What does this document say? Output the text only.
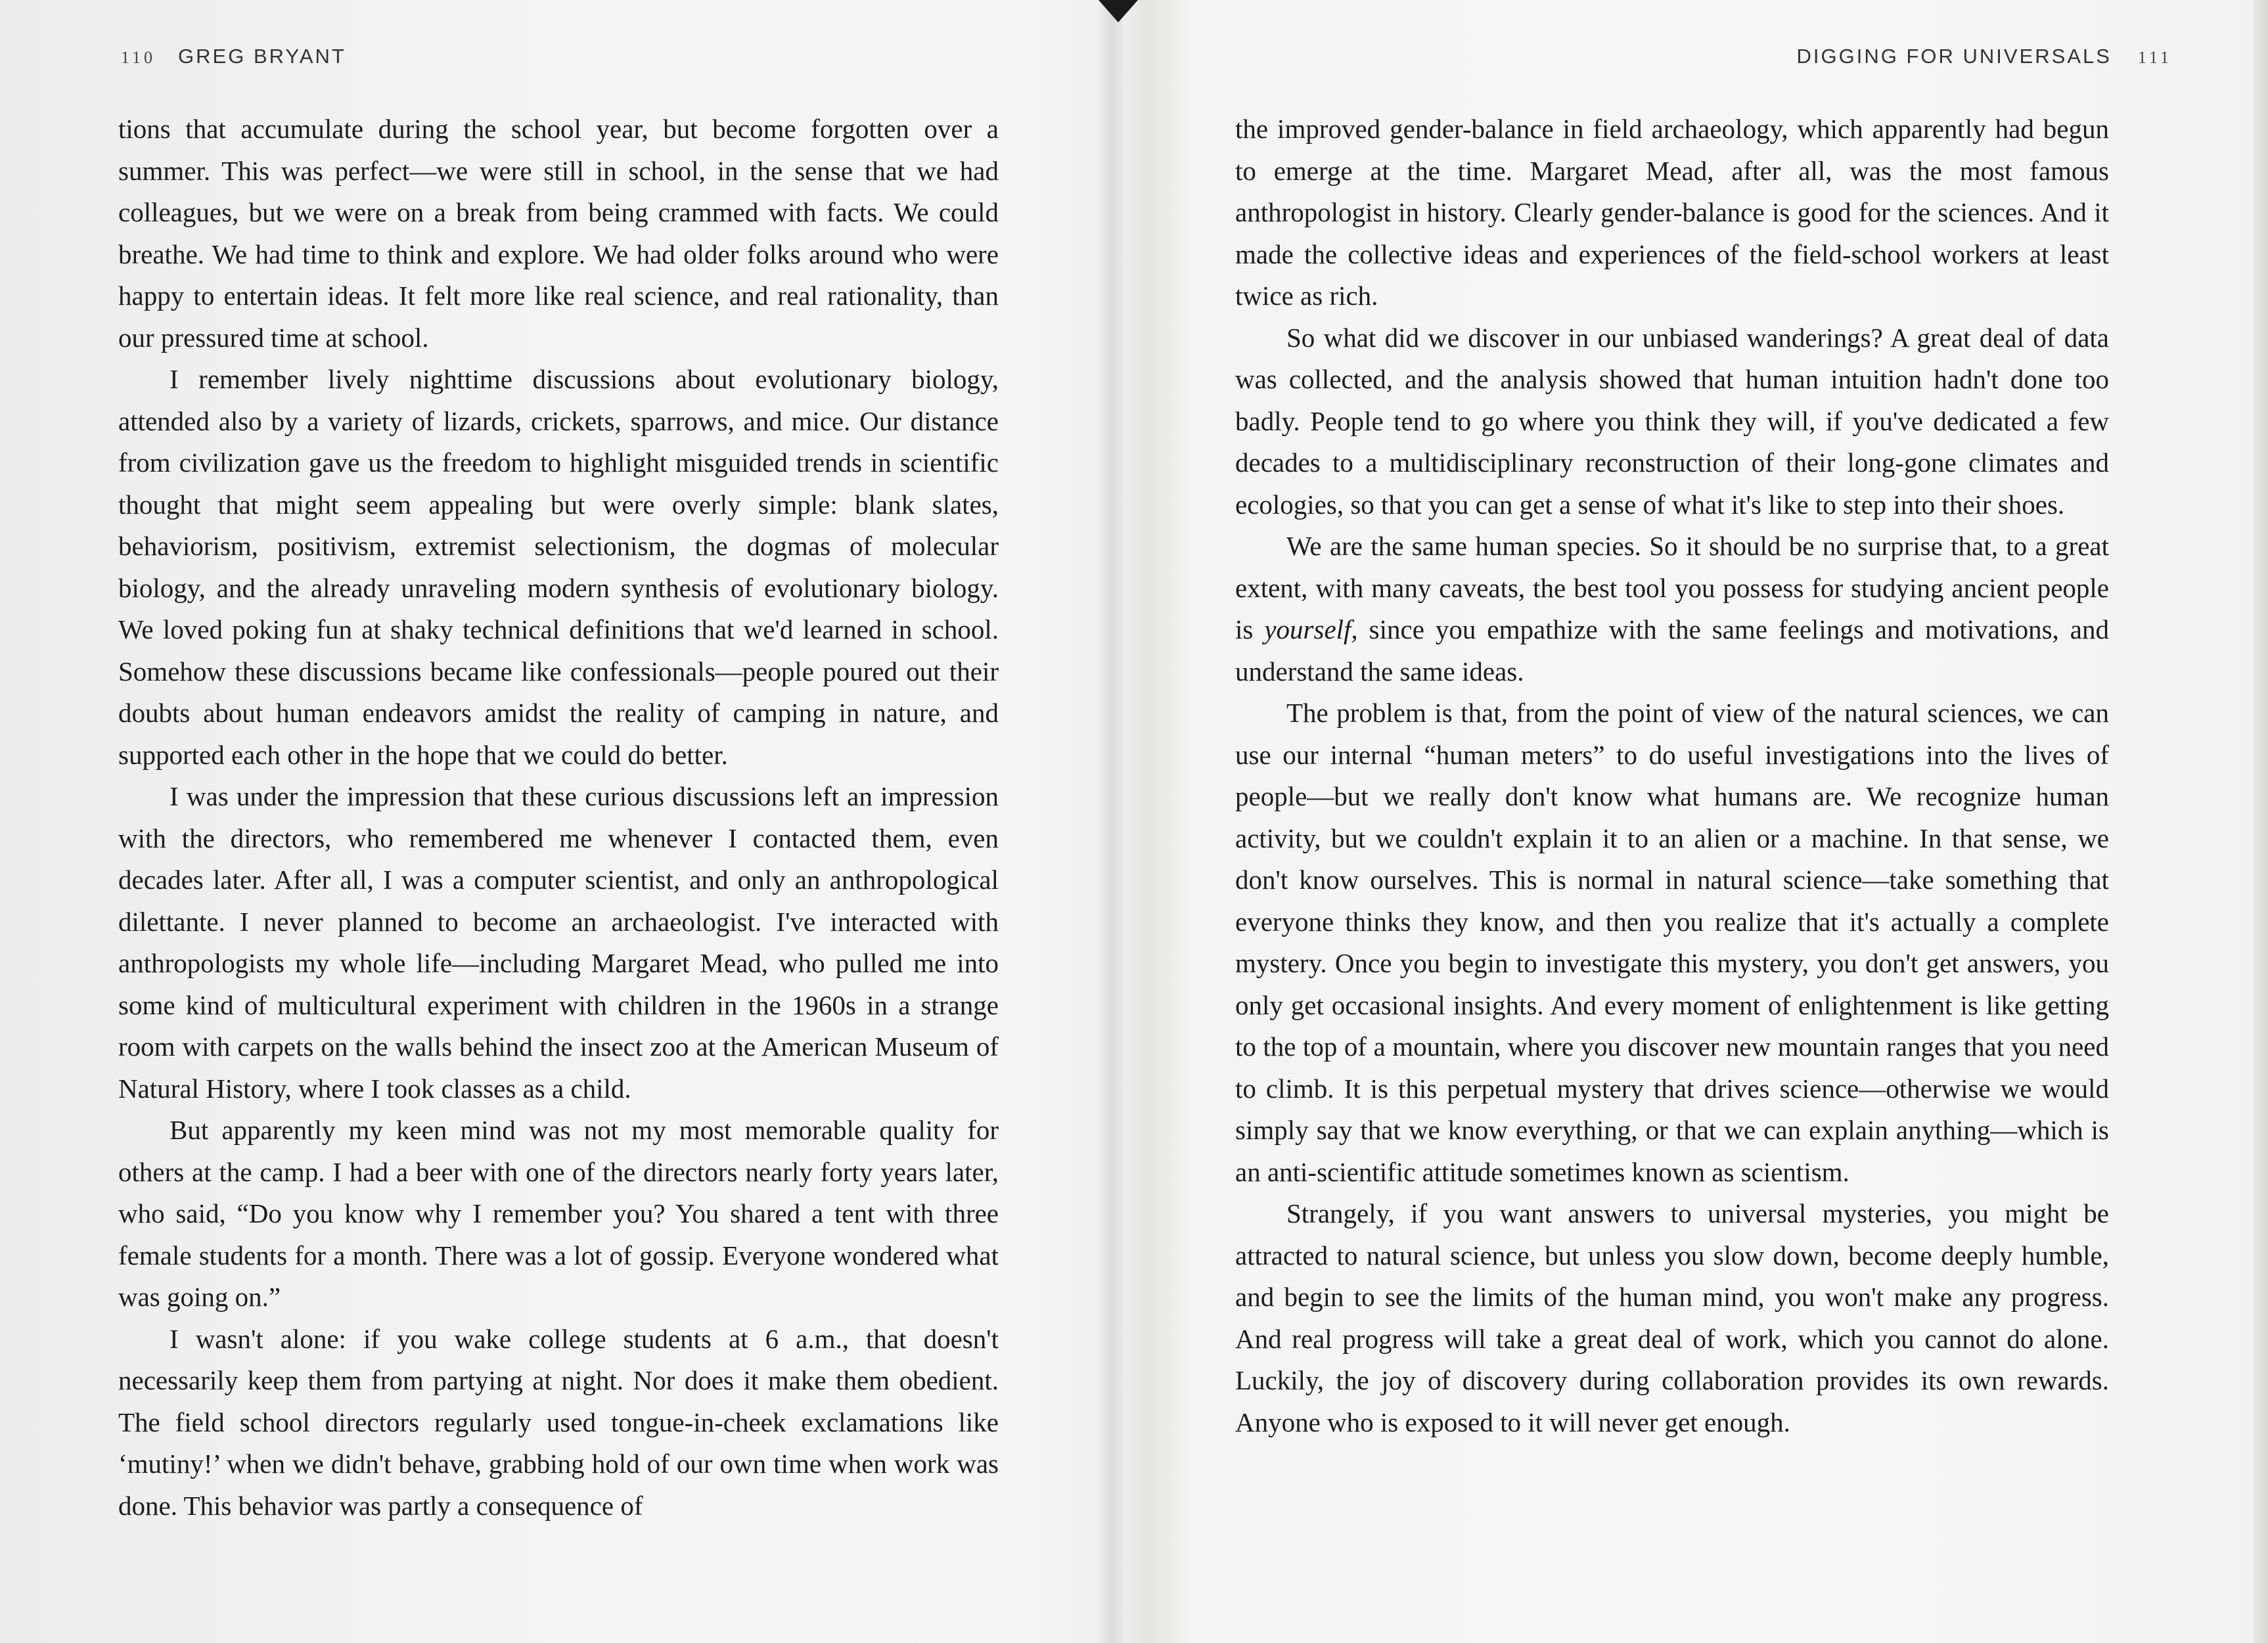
110 GREG BRYANT

tions that accumulate during the school year, but become forgotten over a summer. This was perfect—we were still in school, in the sense that we had colleagues, but we were on a break from being crammed with facts. We could breathe. We had time to think and explore. We had older folks around who were happy to entertain ideas. It felt more like real science, and real rationality, than our pressured time at school.

I remember lively nighttime discussions about evolutionary biology, attended also by a variety of lizards, crickets, sparrows, and mice. Our distance from civilization gave us the freedom to highlight misguided trends in scientific thought that might seem appealing but were overly simple: blank slates, behaviorism, positivism, extremist selectionism, the dogmas of molecular biology, and the already unraveling modern synthesis of evolutionary biology. We loved poking fun at shaky technical definitions that we'd learned in school. Somehow these discussions became like confessionals—people poured out their doubts about human endeavors amidst the reality of camping in nature, and supported each other in the hope that we could do better.

I was under the impression that these curious discussions left an impression with the directors, who remembered me whenever I contacted them, even decades later. After all, I was a computer scientist, and only an anthropological dilettante. I never planned to become an archaeologist. I've interacted with anthropologists my whole life—including Margaret Mead, who pulled me into some kind of multicultural experiment with children in the 1960s in a strange room with carpets on the walls behind the insect zoo at the American Museum of Natural History, where I took classes as a child.

But apparently my keen mind was not my most memorable quality for others at the camp. I had a beer with one of the directors nearly forty years later, who said, “Do you know why I remember you? You shared a tent with three female students for a month. There was a lot of gossip. Everyone wondered what was going on.”

I wasn't alone: if you wake college students at 6 a.m., that doesn't necessarily keep them from partying at night. Nor does it make them obedient. The field school directors regularly used tongue-in-cheek exclamations like ‘mutiny!’ when we didn't behave, grabbing hold of our own time when work was done. This behavior was partly a consequence of

DIGGING FOR UNIVERSALS 111

the improved gender-balance in field archaeology, which apparently had begun to emerge at the time. Margaret Mead, after all, was the most famous anthropologist in history. Clearly gender-balance is good for the sciences. And it made the collective ideas and experiences of the field-school workers at least twice as rich.

So what did we discover in our unbiased wanderings? A great deal of data was collected, and the analysis showed that human intuition hadn't done too badly. People tend to go where you think they will, if you've dedicated a few decades to a multidisciplinary reconstruction of their long-gone climates and ecologies, so that you can get a sense of what it's like to step into their shoes.

We are the same human species. So it should be no surprise that, to a great extent, with many caveats, the best tool you possess for studying ancient people is yourself, since you empathize with the same feelings and motivations, and understand the same ideas.

The problem is that, from the point of view of the natural sciences, we can use our internal “human meters” to do useful investigations into the lives of people—but we really don't know what humans are. We recognize human activity, but we couldn't explain it to an alien or a machine. In that sense, we don't know ourselves. This is normal in natural science—take something that everyone thinks they know, and then you realize that it's actually a complete mystery. Once you begin to investigate this mystery, you don't get answers, you only get occasional insights. And every moment of enlightenment is like getting to the top of a mountain, where you discover new mountain ranges that you need to climb. It is this perpetual mystery that drives science—otherwise we would simply say that we know everything, or that we can explain anything—which is an anti-scientific attitude sometimes known as scientism.

Strangely, if you want answers to universal mysteries, you might be attracted to natural science, but unless you slow down, become deeply humble, and begin to see the limits of the human mind, you won't make any progress. And real progress will take a great deal of work, which you cannot do alone. Luckily, the joy of discovery during collaboration provides its own rewards. Anyone who is exposed to it will never get enough.
